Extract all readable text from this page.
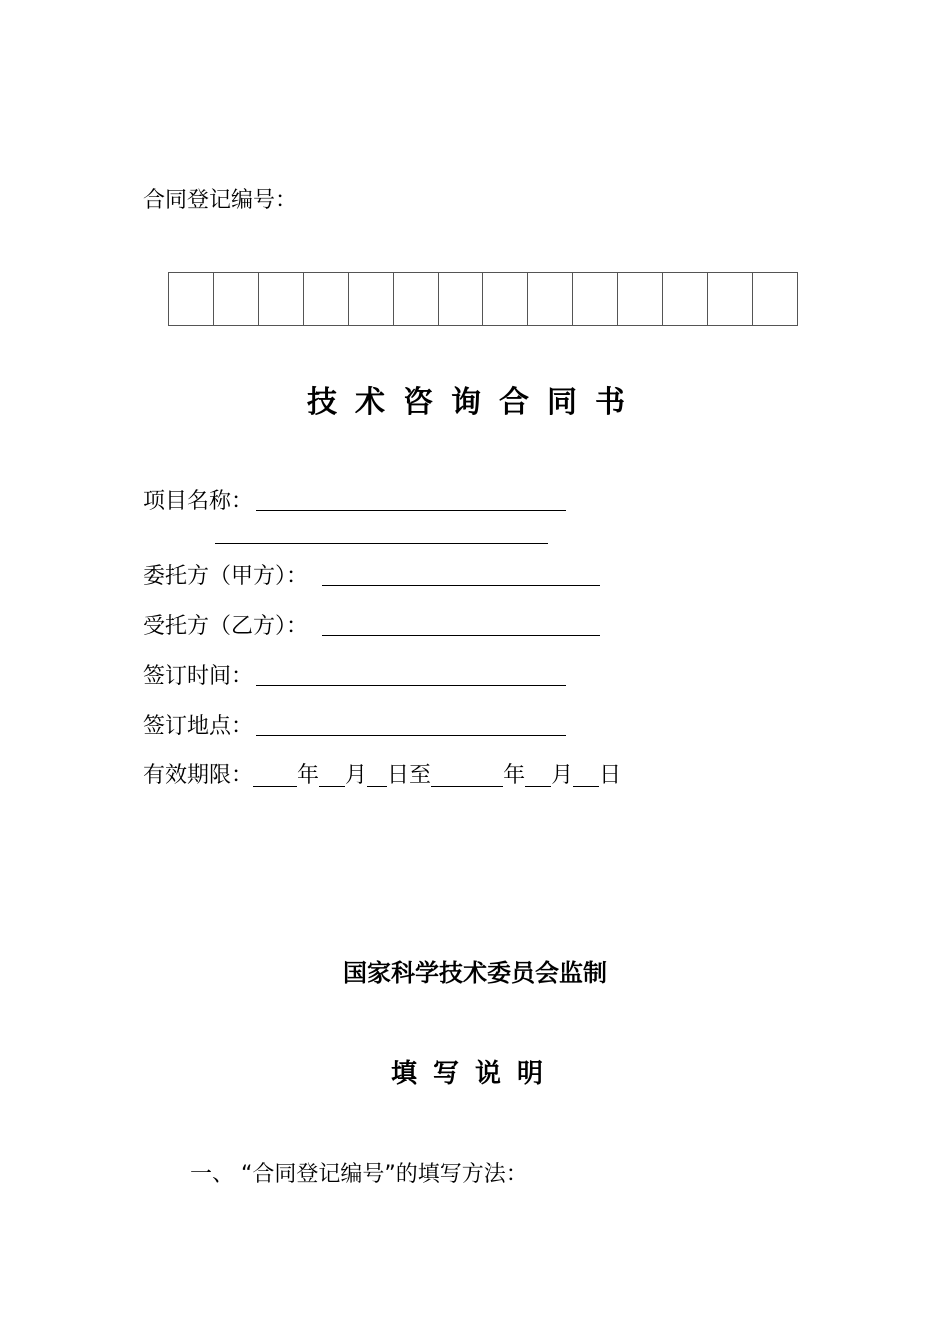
合同登记编号：
技术咨询合同书
项目名称：
委托方（甲方）：
受托方（乙方）：
签订时间：
签订地点：
有效期限： 年 月 日至	年 月 日
国家科学技术委员会监制
填写说明
一、 “合同登记编号”的填写方法：
